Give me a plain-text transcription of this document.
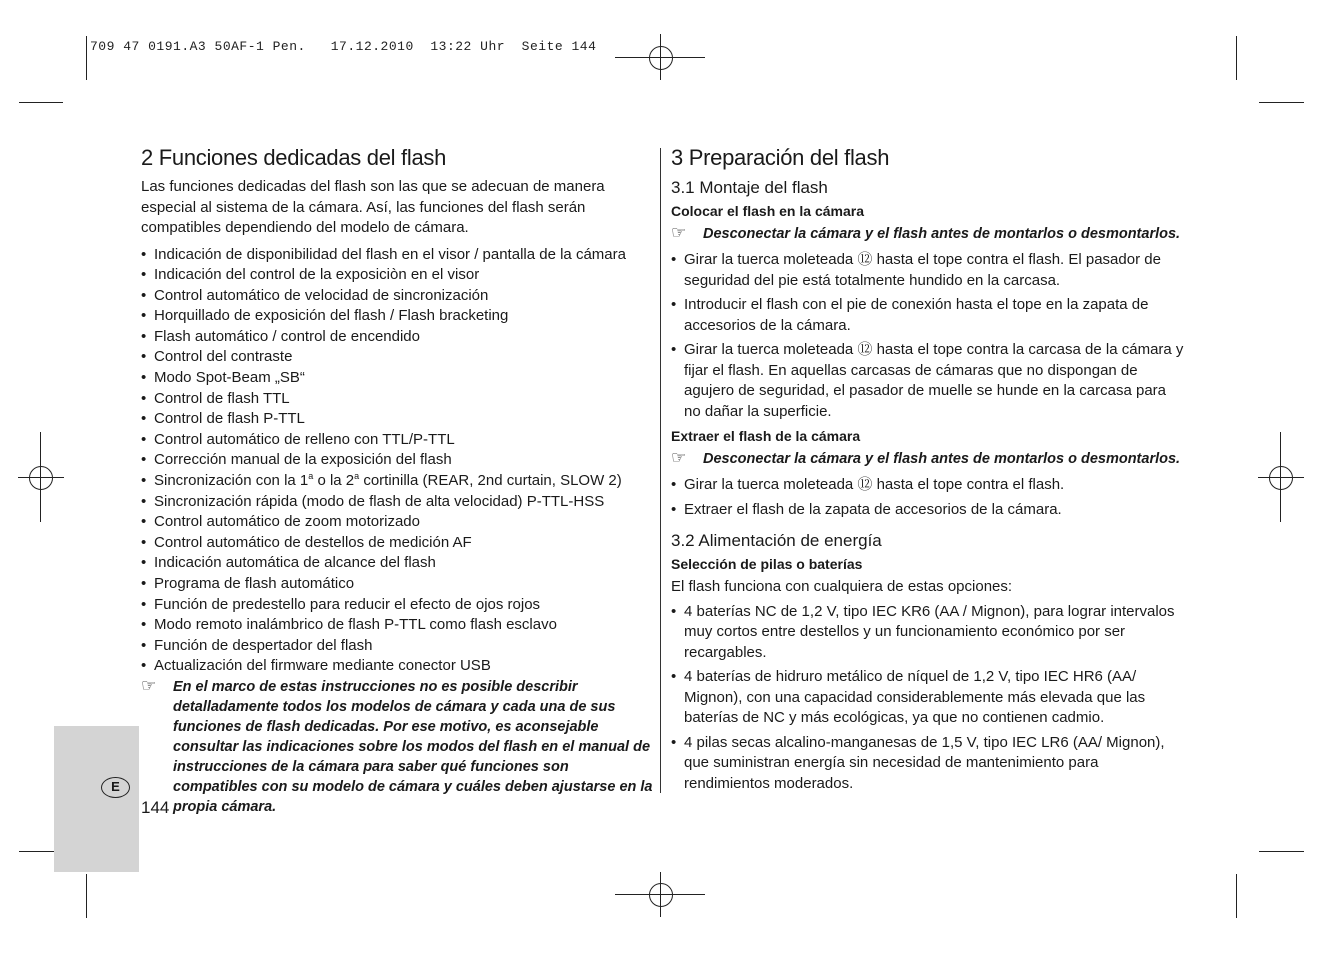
709 47 0191.A3 50AF-1 Pen.   17.12.2010  13:22 Uhr  Seite 144
E
144
2 Funciones dedicadas del flash

Las funciones dedicadas del flash son las que se adecuan de manera especial al sistema de la cámara. Así, las funciones del flash serán compatibles dependiendo del modelo de cámara.

• Indicación de disponibilidad del flash en el visor / pantalla de la cámara
• Indicación del control de la exposiciòn en el visor
• Control automático de velocidad de sincronización
• Horquillado de exposición del flash / Flash bracketing
• Flash automático / control de encendido
• Control del contraste
• Modo Spot-Beam „SB“
• Control de flash TTL
• Control de flash P-TTL
• Control automático de relleno con TTL/P-TTL
• Corrección manual de la exposición del flash
• Sincronización con la 1$^a$ o la 2$^a$ cortinilla (REAR, 2nd curtain, SLOW 2)
• Sincronización rápida (modo de flash de alta velocidad) P-TTL-HSS
• Control automático de zoom motorizado
• Control automático de destellos de medición AF
• Indicación automática de alcance del flash
• Programa de flash automático
• Función de predestello para reducir el efecto de ojos rojos
• Modo remoto inalámbrico de flash P-TTL como flash esclavo
• Función de despertador del flash
• Actualización del firmware mediante conector USB
☞ En el marco de estas instrucciones no es posible describir detalladamente todos los modelos de cámara y cada una de sus funciones de flash dedicadas. Por ese motivo, es aconsejable consultar las indicaciones sobre los modos del flash en el manual de instrucciones de la cámara para saber qué funciones son compatibles con su modelo de cámara y cuáles deben ajustarse en la propia cámara.
3 Preparación del flash
3.1 Montaje del flash
Colocar el flash en la cámara
☞ Desconectar la cámara y el flash antes de montarlos o desmontarlos.
• Girar la tuerca moleteada ⑫ hasta el tope contra el flash. El pasador de seguridad del pie está totalmente hundido en la carcasa.
• Introducir el flash con el pie de conexión hasta el tope en la zapata de accesorios de la cámara.
• Girar la tuerca moleteada ⑫ hasta el tope contra la carcasa de la cámara y fijar el flash. En aquellas carcasas de cámaras que no dispongan de agujero de seguridad, el pasador de muelle se hunde en la carcasa para no dañar la superficie.
Extraer el flash de la cámara
☞ Desconectar la cámara y el flash antes de montarlos o desmontarlos.
• Girar la tuerca moleteada ⑫ hasta el tope contra el flash.
• Extraer el flash de la zapata de accesorios de la cámara.
3.2 Alimentación de energía
Selección de pilas o baterías

El flash funciona con cualquiera de estas opciones:

• 4 baterías NC de 1,2 V, tipo IEC KR6 (AA / Mignon), para lograr intervalos muy cortos entre destellos y un funcionamiento económico por ser recargables.
• 4 baterías de hidruro metálico de níquel de 1,2 V, tipo IEC HR6 (AA/ Mignon), con una capacidad considerablemente más elevada que las baterías de NC y más ecológicas, ya que no contienen cadmio.
• 4 pilas secas alcalino-manganesas de 1,5 V, tipo IEC LR6 (AA/ Mignon), que suministran energía sin necesidad de mantenimiento para rendimientos moderados.
